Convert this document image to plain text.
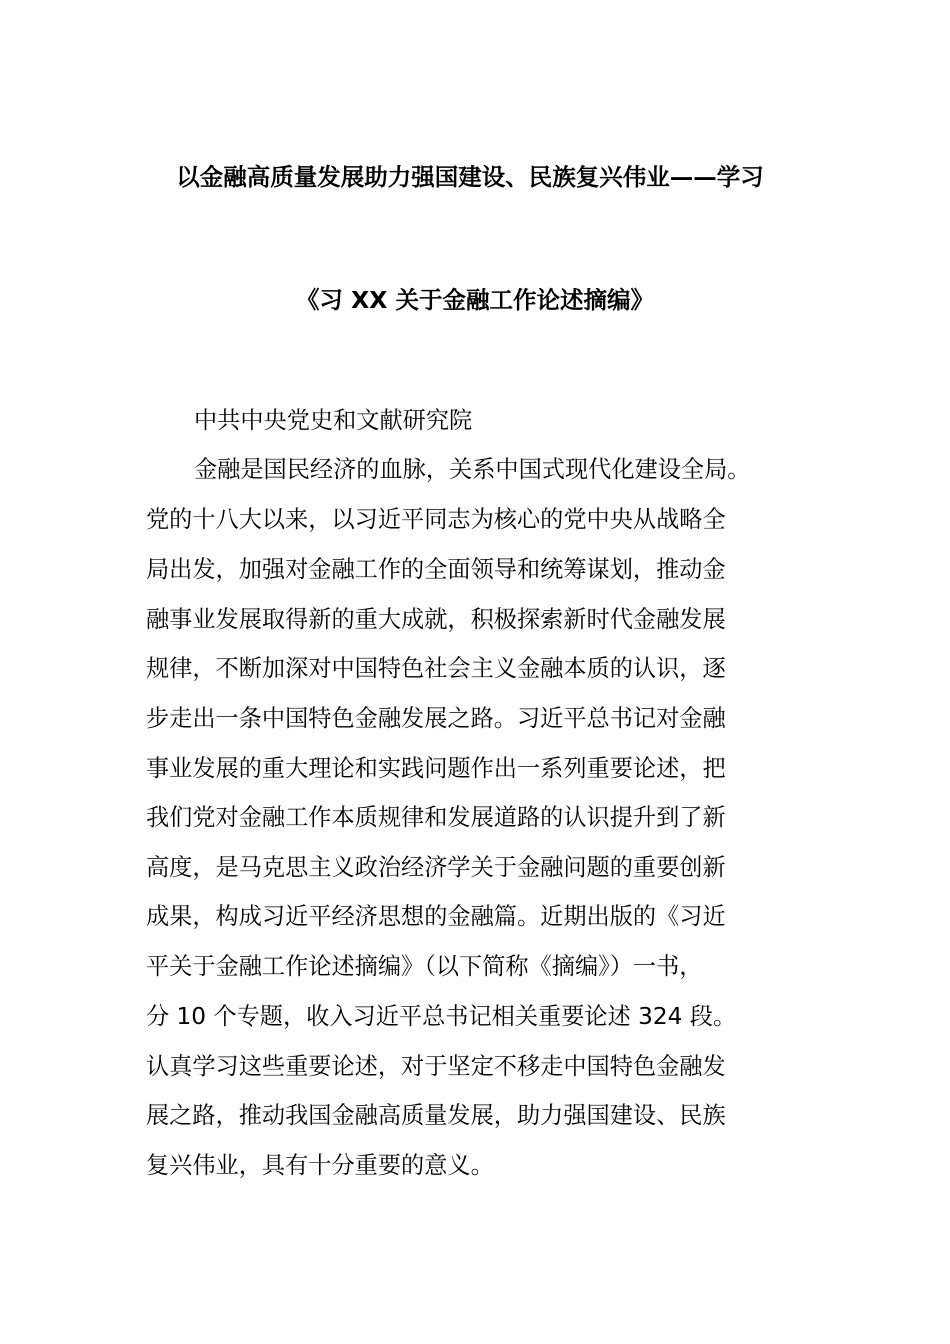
以金融高质量发展助力强国建设、民族复兴伟业——学习
《习 XX 关于金融工作论述摘编》
中共中央党史和文献研究院
金融是国民经济的血脉，关系中国式现代化建设全局。
党的十八大以来，以习近平同志为核心的党中央从战略全
局出发，加强对金融工作的全面领导和统筹谋划，推动金
融事业发展取得新的重大成就，积极探索新时代金融发展
规律，不断加深对中国特色社会主义金融本质的认识，逐
步走出一条中国特色金融发展之路。习近平总书记对金融
事业发展的重大理论和实践问题作出一系列重要论述，把
我们党对金融工作本质规律和发展道路的认识提升到了新
高度，是马克思主义政治经济学关于金融问题的重要创新
成果，构成习近平经济思想的金融篇。近期出版的《习近
平关于金融工作论述摘编》（以下简称《摘编》）一书，
分 10 个专题，收入习近平总书记相关重要论述 324 段。
认真学习这些重要论述，对于坚定不移走中国特色金融发
展之路，推动我国金融高质量发展，助力强国建设、民族
复兴伟业，具有十分重要的意义。
